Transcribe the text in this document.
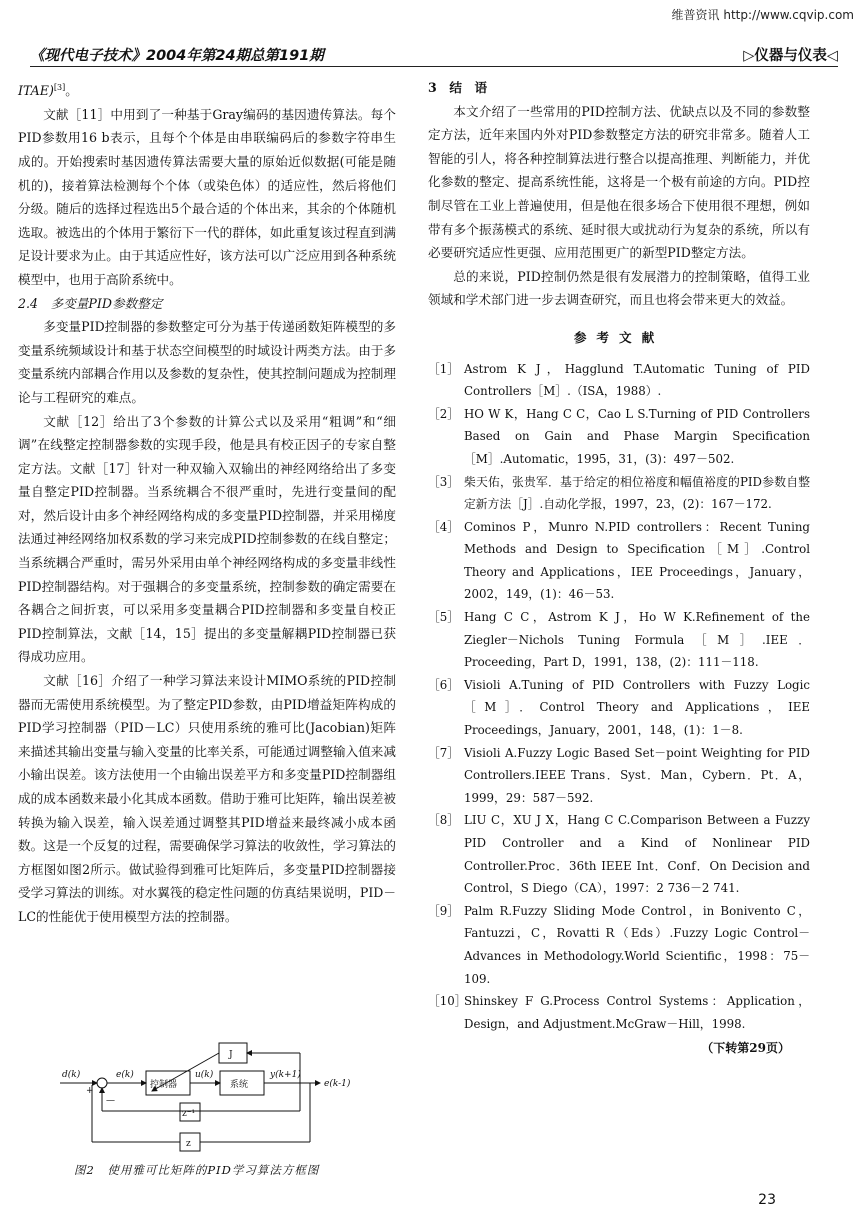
维普资讯 http://www.cqvip.com
《现代电子技术》2004年第24期总第191期	▷仪器与仪表◁

ITAE)[3]。

文献［11］中用到了一种基于Gray编码的基因遗传算法。每个PID参数用16 b表示，且每个个体是由串联编码后的参数字符串生成的。开始搜索时基因遗传算法需要大量的原始近似数据(可能是随机的)，接着算法检测每个个体（或染色体）的适应性，然后将他们分级。随后的选择过程选出5个最合适的个体出来，其余的个体随机选取。被选出的个体用于繁衍下一代的群体，如此重复该过程直到满足设计要求为止。由于其适应性好，该方法可以广泛应用到各种系统模型中，也用于高阶系统中。

2.4　多变量PID参数整定

多变量PID控制器的参数整定可分为基于传递函数矩阵模型的多变量系统频域设计和基于状态空间模型的时域设计两类方法。由于多变量系统内部耦合作用以及参数的复杂性，使其控制问题成为控制理论与工程研究的难点。

文献［12］给出了3个参数的计算公式以及采用“粗调”和“细调”在线整定控制器参数的实现手段，他是具有校正因子的专家自整定方法。文献［17］针对一种双输入双输出的神经网络给出了多变量自整定PID控制器。当系统耦合不很严重时，先进行变量间的配对，然后设计由多个神经网络构成的多变量PID控制器，并采用梯度法通过神经网络加权系数的学习来完成PID控制参数的在线自整定；当系统耦合严重时，需另外采用由单个神经网络构成的多变量非线性PID控制器结构。对于强耦合的多变量系统，控制参数的确定需要在各耦合之间折衷，可以采用多变量耦合PID控制器和多变量自校正PID控制算法，文献［14，15］提出的多变量解耦PID控制器已获得成功应用。

文献［16］介绍了一种学习算法来设计MIMO系统的PID控制器而无需使用系统模型。为了整定PID参数，由PID增益矩阵构成的PID学习控制器（PID－LC）只使用系统的雅可比(Jacobian)矩阵来描述其输出变量与输入变量的比率关系，可能通过调整输入值来减小输出误差。该方法使用一个由输出误差平方和多变量PID控制器组成的成本函数来最小化其成本函数。借助于雅可比矩阵，输出误差被转换为输入误差，输入误差通过调整其PID增益来最终减小成本函数。这是一个反复的过程，需要确保学习算法的收敛性，学习算法的方框图如图2所示。做试验得到雅可比矩阵后，多变量PID控制器接受学习算法的训练。对水翼筏的稳定性问题的仿真结果说明，PID－LC的性能优于使用模型方法的控制器。

d(k)	e(k)	u(k)	y(k+1)
e(k-1)
+
—
控制器	系统
J
z⁻¹
z
图2　使用雅可比矩阵的PID学习算法方框图

3　结　语

本文介绍了一些常用的PID控制方法、优缺点以及不同的参数整定方法，近年来国内外对PID参数整定方法的研究非常多。随着人工智能的引人，将各种控制算法进行整合以提高推理、判断能力，并优化参数的整定、提高系统性能，这将是一个极有前途的方向。PID控制尽管在工业上普遍使用，但是他在很多场合下使用很不理想，例如带有多个振荡模式的系统、延时很大或扰动行为复杂的系统，所以有必要研究适应性更强、应用范围更广的新型PID整定方法。

总的来说，PID控制仍然是很有发展潜力的控制策略，值得工业领域和学术部门进一步去调查研究，而且也将会带来更大的效益。

参考文献
［1］ Astrom K J，Hagglund T.Automatic Tuning of PID Controllers［M］.（ISA，1988）.
［2］ HO W K，Hang C C，Cao L S.Turning of PID Controllers Based on Gain and Phase Margin Specification［M］.Automatic，1995，31，(3)：497－502.
［3］ 柴天佑，张贵军．基于给定的相位裕度和幅值裕度的PID参数自整定新方法［J］.自动化学报，1997，23，(2)：167－172.
［4］ Cominos P，Munro N.PID controllers：Recent Tuning Methods and Design to Specification［M］.Control Theory and Applications，IEE Proceedings，January，2002，149，(1)：46－53.
［5］ Hang C C，Astrom K J，Ho W K.Refinement of the Ziegler－Nichols Tuning Formula［M］.IEE．Proceeding，Part D，1991，138，(2)：111－118.
［6］ Visioli A.Tuning of PID Controllers with Fuzzy Logic［M］．Control Theory and Applications，IEE Proceedings，January，2001，148，(1)：1－8.
［7］ Visioli A.Fuzzy Logic Based Set－point Weighting for PID Controllers.IEEE Trans．Syst．Man，Cybern．Pt．A，1999，29：587－592.
［8］ LIU C，XU J X，Hang C C.Comparison Between a Fuzzy PID Controller and a Kind of Nonlinear PID Controller.Proc．36th IEEE Int．Conf．On Decision and Control，S Diego（CA），1997：2 736－2 741.
［9］ Palm R.Fuzzy Sliding Mode Control，in Bonivento C，Fantuzzi，C，Rovatti R（Eds）.Fuzzy Logic Control－Advances in Methodology.World Scientific，1998：75－109.
［10］
Shinskey F G.Process Control Systems：Application，Design，and Adjustment.McGraw－Hill，1998.
（下转第29页）
23
